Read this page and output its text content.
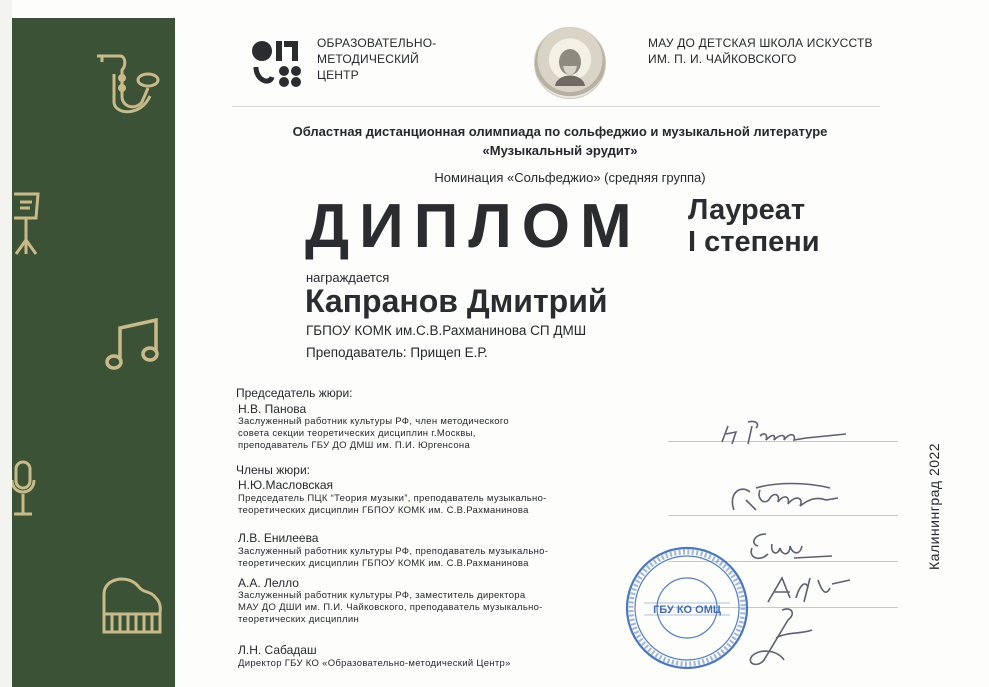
ОБРАЗОВАТЕЛЬНО-
МЕТОДИЧЕСКИЙ
ЦЕНТР
МАУ ДО ДЕТСКАЯ ШКОЛА ИСКУССТВ
ИМ. П. И. ЧАЙКОВСКОГО
Областная дистанционная олимпиада по сольфеджио и музыкальной литературе
«Музыкальный эрудит»
Номинация «Сольфеджио» (средняя группа)
ДИПЛОМ Лауреат
I степени
награждается
Капранов Дмитрий
ГБПОУ КОМК им.С.В.Рахманинова СП ДМШ
Преподаватель: Прищеп Е.Р.
Председатель жюри:
Н.В. Панова
Заслуженный работник культуры РФ, член методического
совета секции теоретических дисциплин г.Москвы,
преподаватель ГБУ ДО ДМШ им. П.И. Юргенсона
Члены жюри:
Н.Ю.Масловская
Председатель ПЦК “Теория музыки”, преподаватель музыкально-
теоретических дисциплин ГБПОУ КОМК им. С.В.Рахманинова
Л.В. Енилеева
Заслуженный работник культуры РФ, преподаватель музыкально-
теоретических дисциплин ГБПОУ КОМК им. С.В.Рахманинова
А.А. Лелло
Заслуженный работник культуры РФ, заместитель директора
МАУ ДО ДШИ им. П.И. Чайковского, преподаватель музыкально-
теоретических дисциплин
Л.Н. Сабадаш
Директор ГБУ КО «Образовательно-методический Центр»
ГБУ КО ОМЦ
Калининград 2022
